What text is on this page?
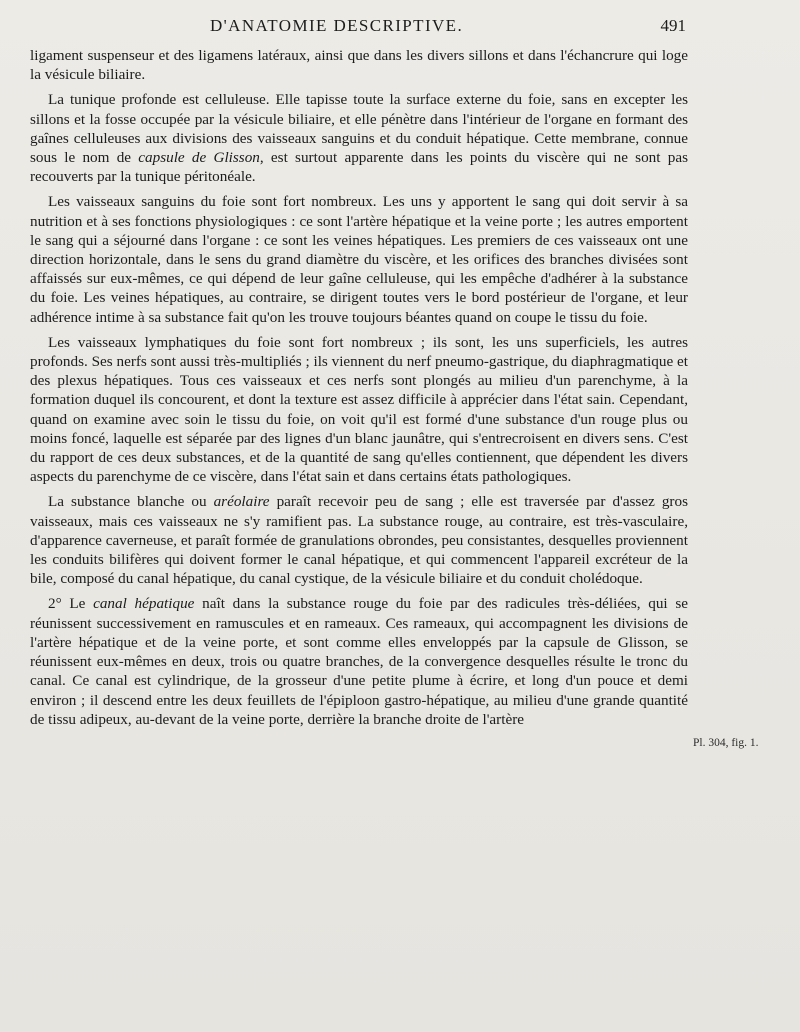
D'ANATOMIE DESCRIPTIVE.	491

ligament suspenseur et des ligamens latéraux, ainsi que dans les divers sillons et dans l'échancrure qui loge la vésicule biliaire.

La tunique profonde est celluleuse. Elle tapisse toute la surface externe du foie, sans en excepter les sillons et la fosse occupée par la vésicule biliaire, et elle pénètre dans l'intérieur de l'organe en formant des gaînes celluleuses aux divisions des vaisseaux sanguins et du conduit hépatique. Cette membrane, connue sous le nom de capsule de Glisson, est surtout apparente dans les points du viscère qui ne sont pas recouverts par la tunique péritonéale.

Les vaisseaux sanguins du foie sont fort nombreux. Les uns y apportent le sang qui doit servir à sa nutrition et à ses fonctions physiologiques : ce sont l'artère hépatique et la veine porte ; les autres emportent le sang qui a séjourné dans l'organe : ce sont les veines hépatiques. Les premiers de ces vaisseaux ont une direction horizontale, dans le sens du grand diamètre du viscère, et les orifices des branches divisées sont affaissés sur eux-mêmes, ce qui dépend de leur gaîne celluleuse, qui les empêche d'adhérer à la substance du foie. Les veines hépatiques, au contraire, se dirigent toutes vers le bord postérieur de l'organe, et leur adhérence intime à sa substance fait qu'on les trouve toujours béantes quand on coupe le tissu du foie.

Les vaisseaux lymphatiques du foie sont fort nombreux ; ils sont, les uns superficiels, les autres profonds. Ses nerfs sont aussi très-multipliés ; ils viennent du nerf pneumo-gastrique, du diaphragmatique et des plexus hépatiques. Tous ces vaisseaux et ces nerfs sont plongés au milieu d'un parenchyme, à la formation duquel ils concourent, et dont la texture est assez difficile à apprécier dans l'état sain. Cependant, quand on examine avec soin le tissu du foie, on voit qu'il est formé d'une substance d'un rouge plus ou moins foncé, laquelle est séparée par des lignes d'un blanc jaunâtre, qui s'entrecroisent en divers sens. C'est du rapport de ces deux substances, et de la quantité de sang qu'elles contiennent, que dépendent les divers aspects du parenchyme de ce viscère, dans l'état sain et dans certains états pathologiques.

La substance blanche ou aréolaire paraît recevoir peu de sang ; elle est traversée par d'assez gros vaisseaux, mais ces vaisseaux ne s'y ramifient pas. La substance rouge, au contraire, est très-vasculaire, d'apparence caverneuse, et paraît formée de granulations obrondes, peu consistantes, desquelles proviennent les conduits bilifères qui doivent former le canal hépatique, et qui commencent l'appareil excréteur de la bile, composé du canal hépatique, du canal cystique, de la vésicule biliaire et du conduit cholédoque.

2° Le canal hépatique naît dans la substance rouge du foie par des radicules très-déliées, qui se réunissent successivement en ramuscules et en rameaux. Ces rameaux, qui accompagnent les divisions de l'artère hépatique et de la veine porte, et sont comme elles enveloppés par la capsule de Glisson, se réunissent eux-mêmes en deux, trois ou quatre branches, de la convergence desquelles résulte le tronc du canal. Ce canal est cylindrique, de la grosseur d'une petite plume à écrire, et long d'un pouce et demi environ ; il descend entre les deux feuillets de l'épiploon gastro-hépatique, au milieu d'une grande quantité de tissu adipeux, au-devant de la veine porte, derrière la branche droite de l'artère

Pl. 304, fig. 1.
